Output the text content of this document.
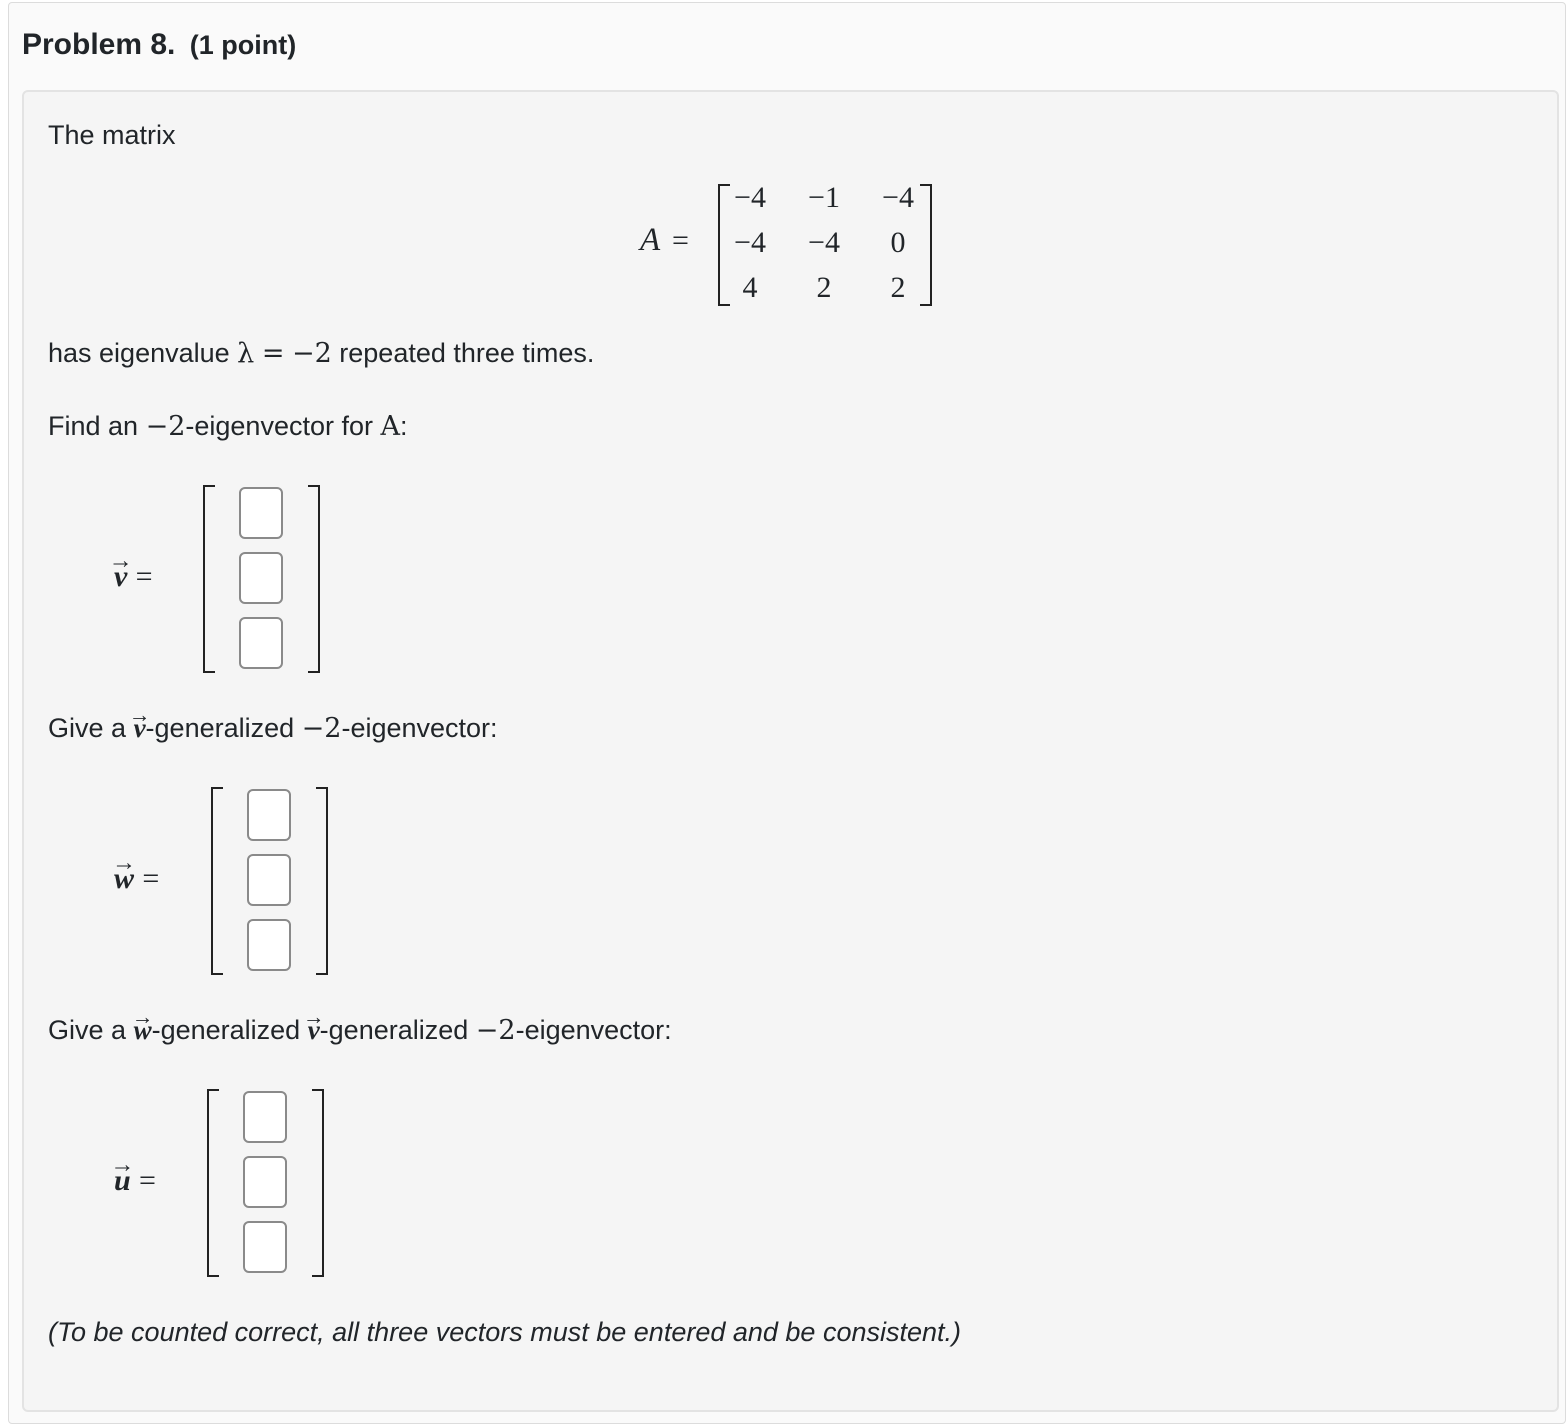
Problem 8. (1 point)
The matrix
A =
−4	−1	−4
−4	−4	0
4	2	2
has eigenvalue λ = −2 repeated three times.
Find an −2-eigenvector for A:
→ v =
Give a → v-generalized −2-eigenvector:
→ w =
Give a → w-generalized → v-generalized −2-eigenvector:
→ u =
(To be counted correct, all three vectors must be entered and be consistent.)
